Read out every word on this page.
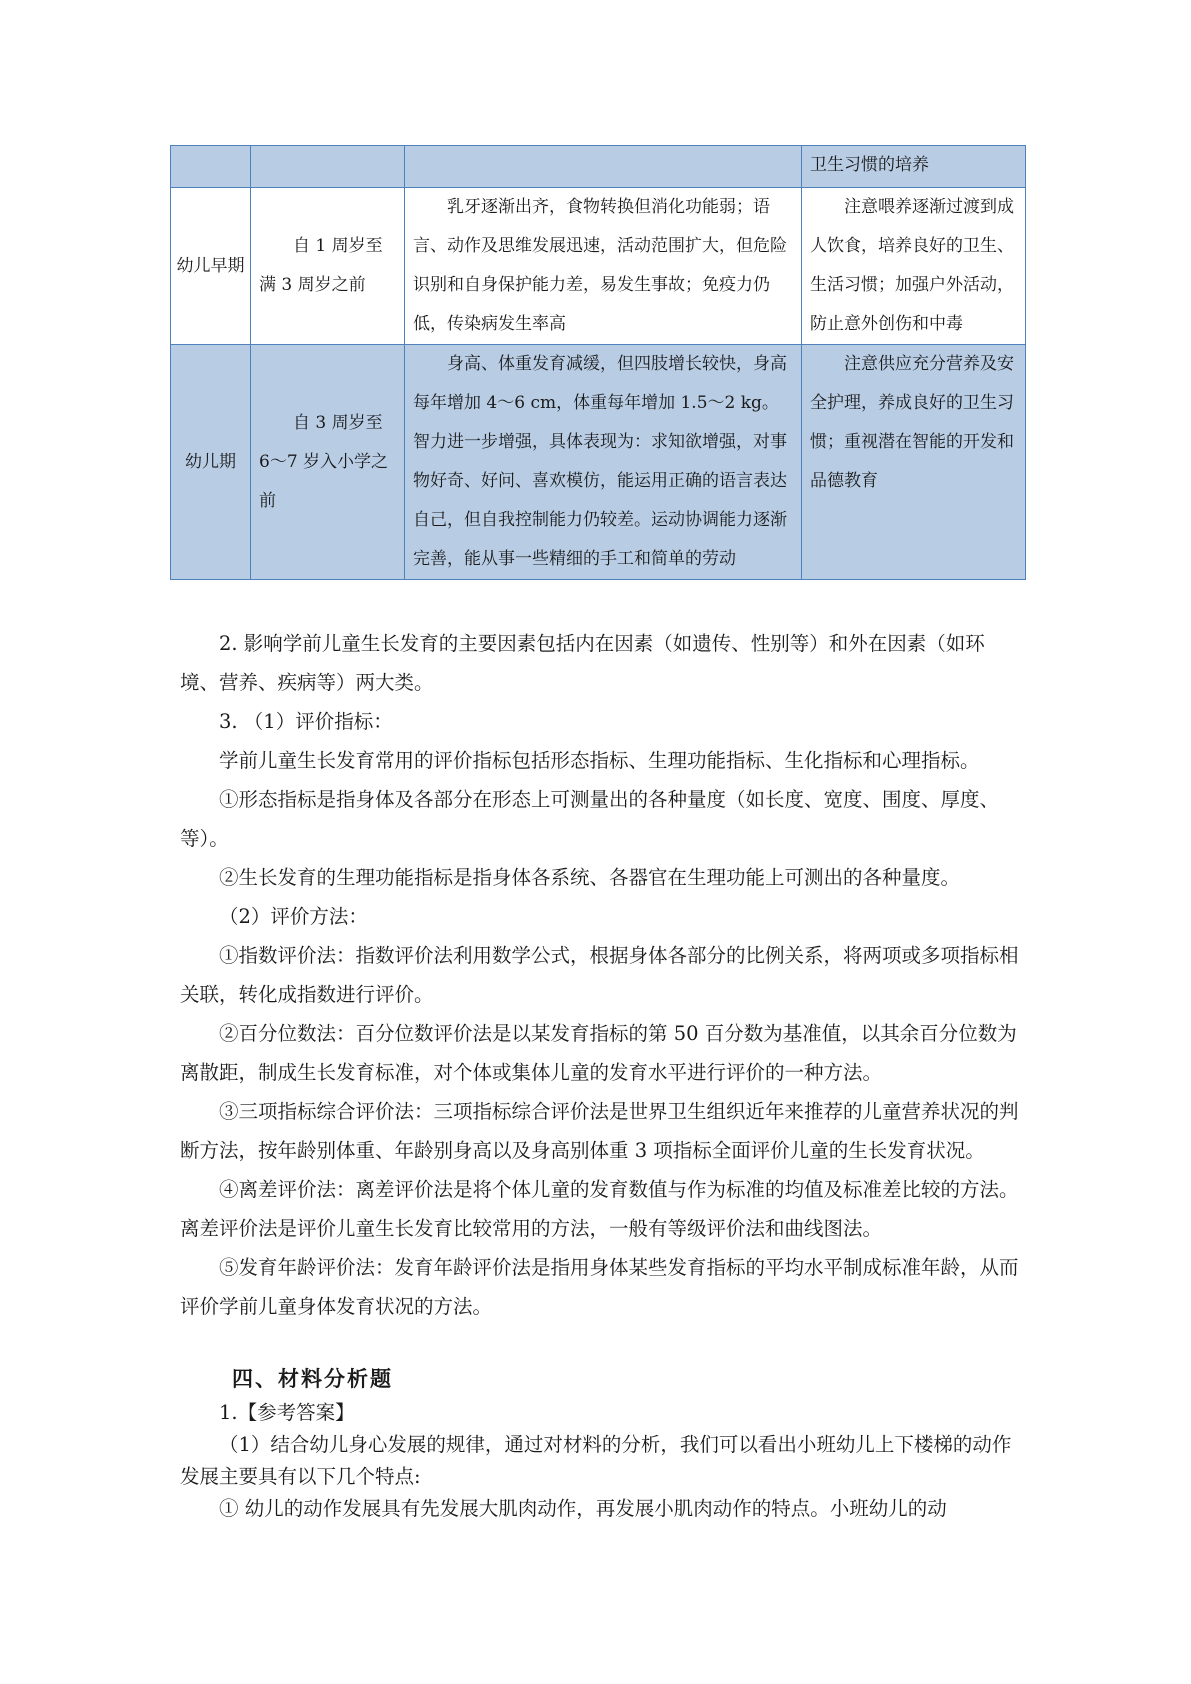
			卫生习惯的培养
幼儿早期	自 1 周岁至满 3 周岁之前	乳牙逐渐出齐，食物转换但消化功能弱；语言、动作及思维发展迅速，活动范围扩大，但危险识别和自身保护能力差，易发生事故；免疫力仍低，传染病发生率高	注意喂养逐渐过渡到成人饮食，培养良好的卫生、生活习惯；加强户外活动，防止意外创伤和中毒
幼儿期	自 3 周岁至 6～7 岁入小学之前	身高、体重发育减缓，但四肢增长较快，身高每年增加 4～6 cm，体重每年增加 1.5～2 kg。智力进一步增强，具体表现为：求知欲增强，对事物好奇、好问、喜欢模仿，能运用正确的语言表达自己，但自我控制能力仍较差。运动协调能力逐渐完善，能从事一些精细的手工和简单的劳动	注意供应充分营养及安全护理，养成良好的卫生习惯；重视潜在智能的开发和品德教育

2. 影响学前儿童生长发育的主要因素包括内在因素（如遗传、性别等）和外在因素（如环境、营养、疾病等）两大类。

3. （1）评价指标：

学前儿童生长发育常用的评价指标包括形态指标、生理功能指标、生化指标和心理指标。

①形态指标是指身体及各部分在形态上可测量出的各种量度（如长度、宽度、围度、厚度、等）。

②生长发育的生理功能指标是指身体各系统、各器官在生理功能上可测出的各种量度。

（2）评价方法：

①指数评价法：指数评价法利用数学公式，根据身体各部分的比例关系，将两项或多项指标相关联，转化成指数进行评价。

②百分位数法：百分位数评价法是以某发育指标的第 50 百分数为基准值，以其余百分位数为离散距，制成生长发育标准，对个体或集体儿童的发育水平进行评价的一种方法。

③三项指标综合评价法：三项指标综合评价法是世界卫生组织近年来推荐的儿童营养状况的判断方法，按年龄别体重、年龄别身高以及身高别体重 3 项指标全面评价儿童的生长发育状况。

④离差评价法：离差评价法是将个体儿童的发育数值与作为标准的均值及标准差比较的方法。离差评价法是评价儿童生长发育比较常用的方法，一般有等级评价法和曲线图法。

⑤发育年龄评价法：发育年龄评价法是指用身体某些发育指标的平均水平制成标准年龄，从而评价学前儿童身体发育状况的方法。

四、材料分析题

1.【参考答案】

（1）结合幼儿身心发展的规律，通过对材料的分析，我们可以看出小班幼儿上下楼梯的动作发展主要具有以下几个特点:

① 幼儿的动作发展具有先发展大肌肉动作，再发展小肌肉动作的特点。小班幼儿的动
